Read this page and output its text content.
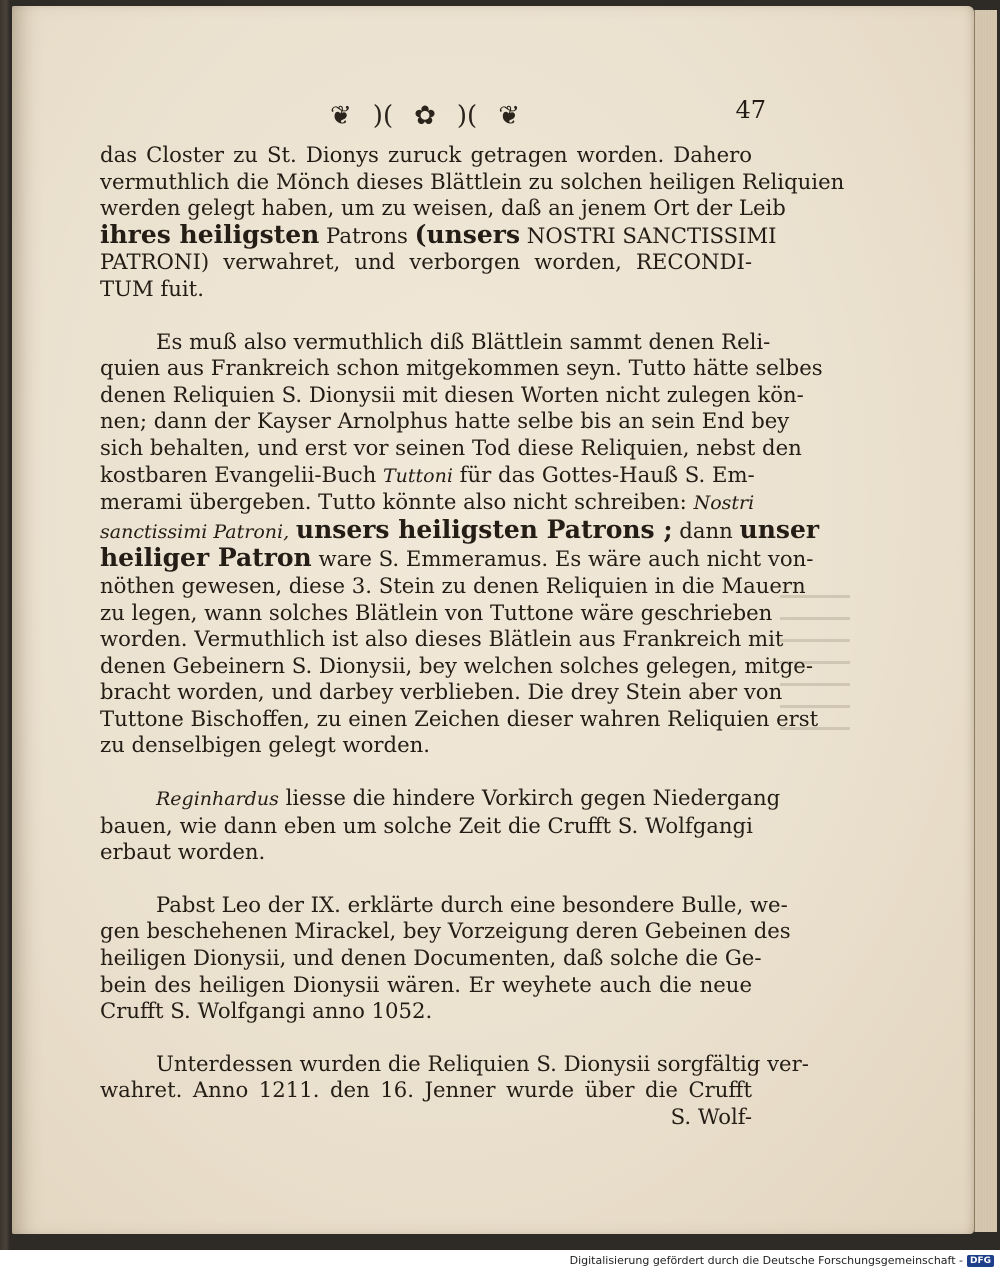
❦ )( ✿ )( ❦	47
das Closter zu St. Dionys zuruck getragen worden. Dahero
vermuthlich die Mönch dieses Blättlein zu solchen heiligen Reliquien
werden gelegt haben, um zu weisen, daß an jenem Ort der Leib
ihres heiligsten Patrons (unsers NOSTRI SANCTISSIMI
PATRONI) verwahret, und verborgen worden, RECONDI-
TUM fuit.
Es muß also vermuthlich diß Blättlein sammt denen Reli-
quien aus Frankreich schon mitgekommen seyn. Tutto hätte selbes
denen Reliquien S. Dionysii mit diesen Worten nicht zulegen kön-
nen; dann der Kayser Arnolphus hatte selbe bis an sein End bey
sich behalten, und erst vor seinen Tod diese Reliquien, nebst den
kostbaren Evangelii-Buch Tuttoni für das Gottes-Hauß S. Em-
merami übergeben. Tutto könnte also nicht schreiben: Nostri
sanctissimi Patroni, unsers heiligsten Patrons ; dann unser
heiliger Patron ware S. Emmeramus. Es wäre auch nicht von-
nöthen gewesen, diese 3. Stein zu denen Reliquien in die Mauern
zu legen, wann solches Blätlein von Tuttone wäre geschrieben
worden. Vermuthlich ist also dieses Blätlein aus Frankreich mit
denen Gebeinern S. Dionysii, bey welchen solches gelegen, mitge-
bracht worden, und darbey verblieben. Die drey Stein aber von
Tuttone Bischoffen, zu einen Zeichen dieser wahren Reliquien erst
zu denselbigen gelegt worden.
Reginhardus liesse die hindere Vorkirch gegen Niedergang
bauen, wie dann eben um solche Zeit die Crufft S. Wolfgangi
erbaut worden.
Pabst Leo der IX. erklärte durch eine besondere Bulle, we-
gen beschehenen Mirackel, bey Vorzeigung deren Gebeinen des
heiligen Dionysii, und denen Documenten, daß solche die Ge-
bein des heiligen Dionysii wären. Er weyhete auch die neue
Crufft S. Wolfgangi anno 1052.
Unterdessen wurden die Reliquien S. Dionysii sorgfältig ver-
wahret. Anno 1211. den 16. Jenner wurde über die Crufft
S. Wolf-
Digitalisierung gefördert durch die Deutsche Forschungsgemeinschaft - DFG
